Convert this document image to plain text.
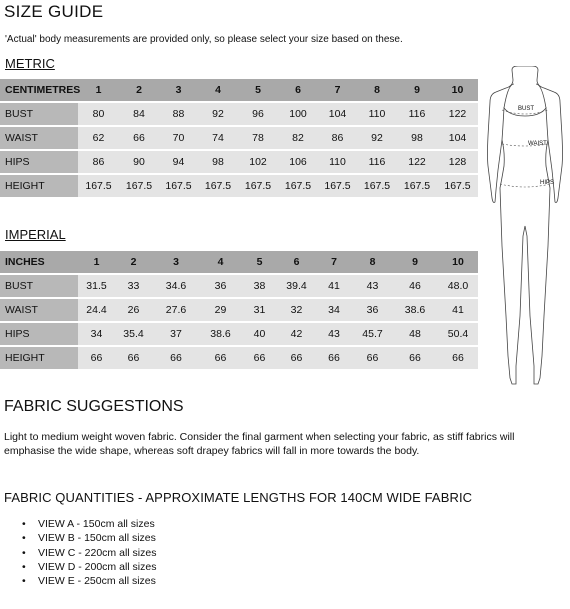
SIZE GUIDE
'Actual' body measurements are provided only, so please select your size based on these.
METRIC
CENTIMETRES	1	2	3	4	5	6	7	8	9	10
BUST	80	84	88	92	96	100	104	110	116	122
WAIST	62	66	70	74	78	82	86	92	98	104
HIPS	86	90	94	98	102	106	110	116	122	128
HEIGHT	167.5	167.5	167.5	167.5	167.5	167.5	167.5	167.5	167.5	167.5
IMPERIAL
INCHES	1	2	3	4	5	6	7	8	9	10
BUST	31.5	33	34.6	36	38	39.4	41	43	46	48.0
WAIST	24.4	26	27.6	29	31	32	34	36	38.6	41
HIPS	34	35.4	37	38.6	40	42	43	45.7	48	50.4
HEIGHT	66	66	66	66	66	66	66	66	66	66
BUST
WAIST
HIPS
FABRIC SUGGESTIONS
Light to medium weight woven fabric. Consider the final garment when selecting your fabric, as stiff fabrics will emphasise the wide shape, whereas soft drapey fabrics will fall in more towards the body.
FABRIC QUANTITIES - APPROXIMATE LENGTHS FOR 140CM WIDE FABRIC
• VIEW A - 150cm all sizes
• VIEW B - 150cm all sizes
• VIEW C - 220cm all sizes
• VIEW D - 200cm all sizes
• VIEW E - 250cm all sizes
